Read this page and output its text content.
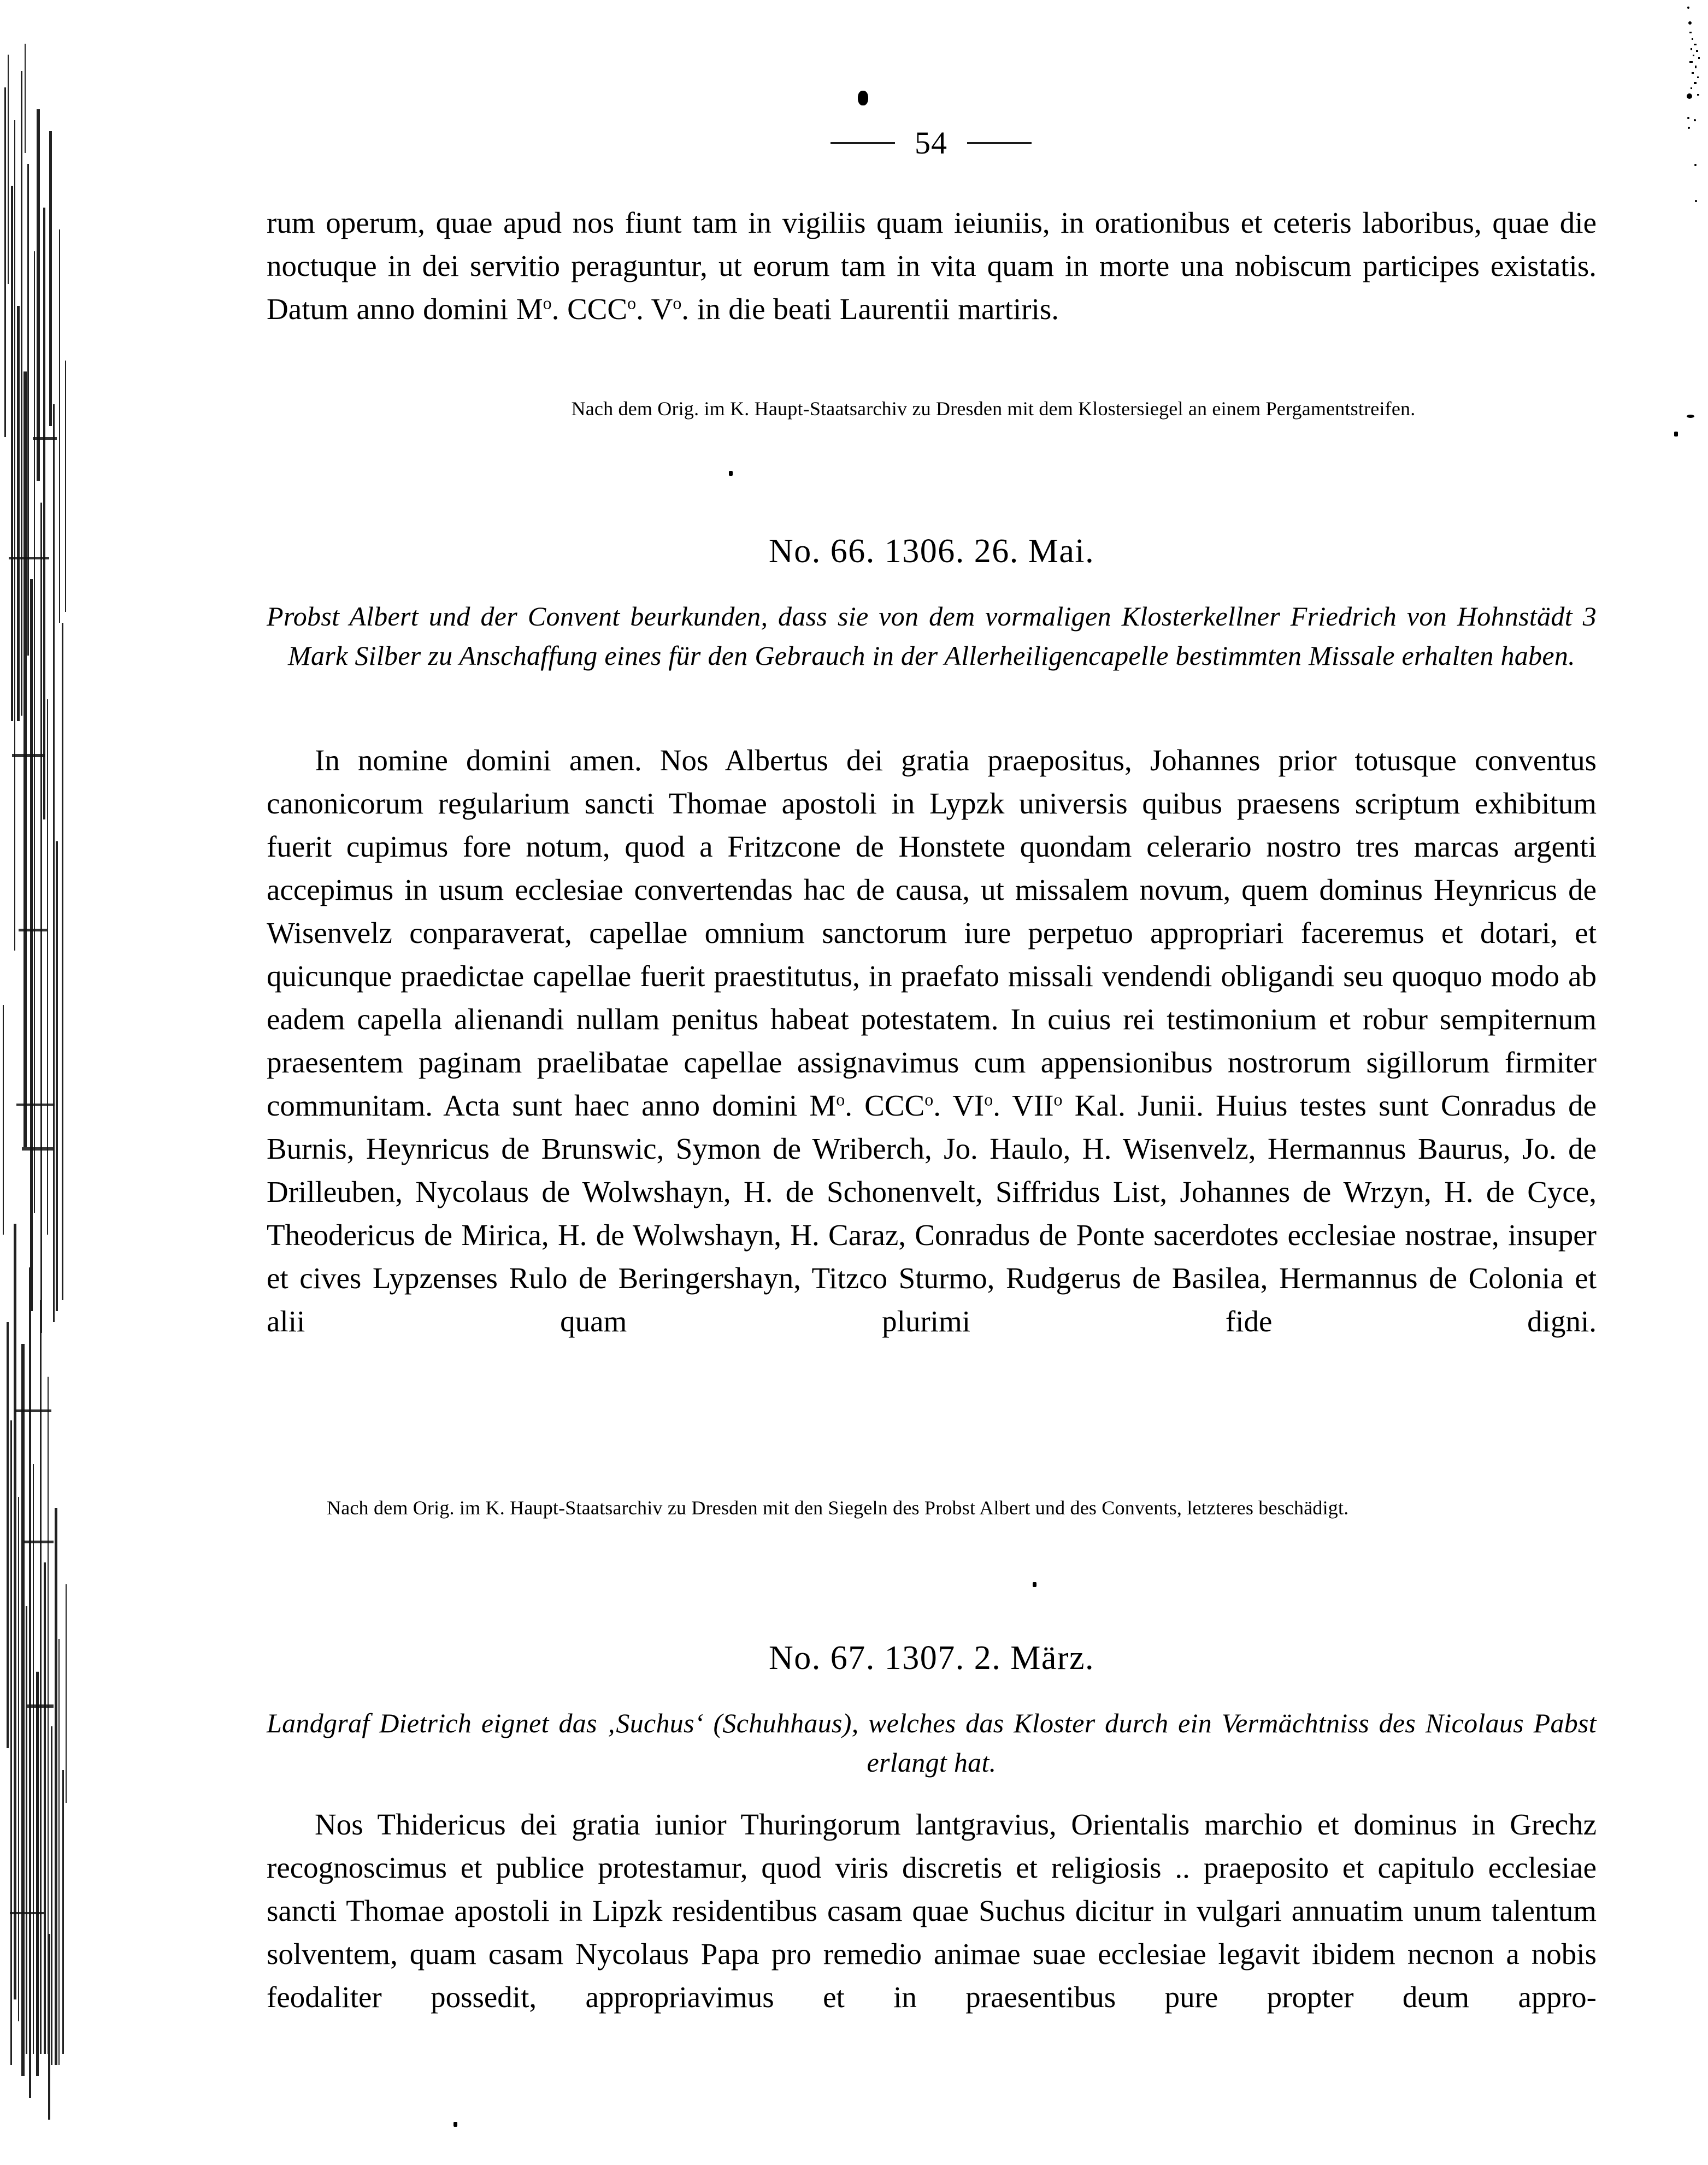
54

rum operum, quae apud nos fiunt tam in vigiliis quam ieiuniis, in orationibus et ceteris laboribus, quae die noctuque in dei servitio peraguntur, ut eorum tam in vita quam in morte una nobiscum participes existatis. Datum anno domini $M^o$. CCC$^o$. $V^o$. in die beati Laurentii martiris.

Nach dem Orig. im K. Haupt-Staatsarchiv zu Dresden mit dem Klostersiegel an einem Pergamentstreifen.

No. 66. 1306. 26. Mai.

Probst Albert und der Convent beurkunden, dass sie von dem vormaligen Klosterkellner Friedrich von Hohnstädt 3 Mark Silber zu Anschaffung eines für den Gebrauch in der Allerheiligencapelle bestimmten Missale erhalten haben.

In nomine domini amen. Nos Albertus dei gratia praepositus, Johannes prior totusque conventus canonicorum regularium sancti Thomae apostoli in Lypzk universis quibus praesens scriptum exhibitum fuerit cupimus fore notum, quod a Fritzcone de Honstete quondam celerario nostro tres marcas argenti accepimus in usum ecclesiae convertendas hac de causa, ut missalem novum, quem dominus Heynricus de Wisenvelz conparaverat, capellae omnium sanctorum iure perpetuo appropriari faceremus et dotari, et quicunque praedictae capellae fuerit praestitutus, in praefato missali vendendi obligandi seu quoquo modo ab eadem capella alienandi nullam penitus habeat potestatem. In cuius rei testimonium et robur sempiternum praesentem paginam praelibatae capellae assignavimus cum appensionibus nostrorum sigillorum firmiter communitam. Acta sunt haec anno domini $M^o$. CCC$^o$. $VI^o$. VII$^o$ Kal. Junii. Huius testes sunt Conradus de Burnis, Heynricus de Brunswic, Symon de Wriberch, Jo. Haulo, H. Wisenvelz, Hermannus Baurus, Jo. de Drilleuben, Nycolaus de Wolwshayn, H. de Schonenvelt, Siffridus List, Johannes de Wrzyn, H. de Cyce, Theodericus de Mirica, H. de Wolwshayn, H. Caraz, Conradus de Ponte sacerdotes ecclesiae nostrae, insuper et cives Lypzenses Rulo de Beringershayn, Titzco Sturmo, Rudgerus de Basilea, Hermannus de Colonia et alii quam plurimi fide digni.

Nach dem Orig. im K. Haupt-Staatsarchiv zu Dresden mit den Siegeln des Probst Albert und des Convents, letzteres beschädigt.

No. 67. 1307. 2. März.

Landgraf Dietrich eignet das ‚Suchus‘ (Schuhhaus), welches das Kloster durch ein Vermächtniss des Nicolaus Pabst erlangt hat.

Nos Thidericus dei gratia iunior Thuringorum lantgravius, Orientalis marchio et dominus in Grechz recognoscimus et publice protestamur, quod viris discretis et religiosis .. praeposito et capitulo ecclesiae sancti Thomae apostoli in Lipzk residentibus casam quae Suchus dicitur in vulgari annuatim unum talentum solventem, quam casam Nycolaus Papa pro remedio animae suae ecclesiae legavit ibidem necnon a nobis feodaliter possedit, appropriavimus et in praesentibus pure propter deum appro-
